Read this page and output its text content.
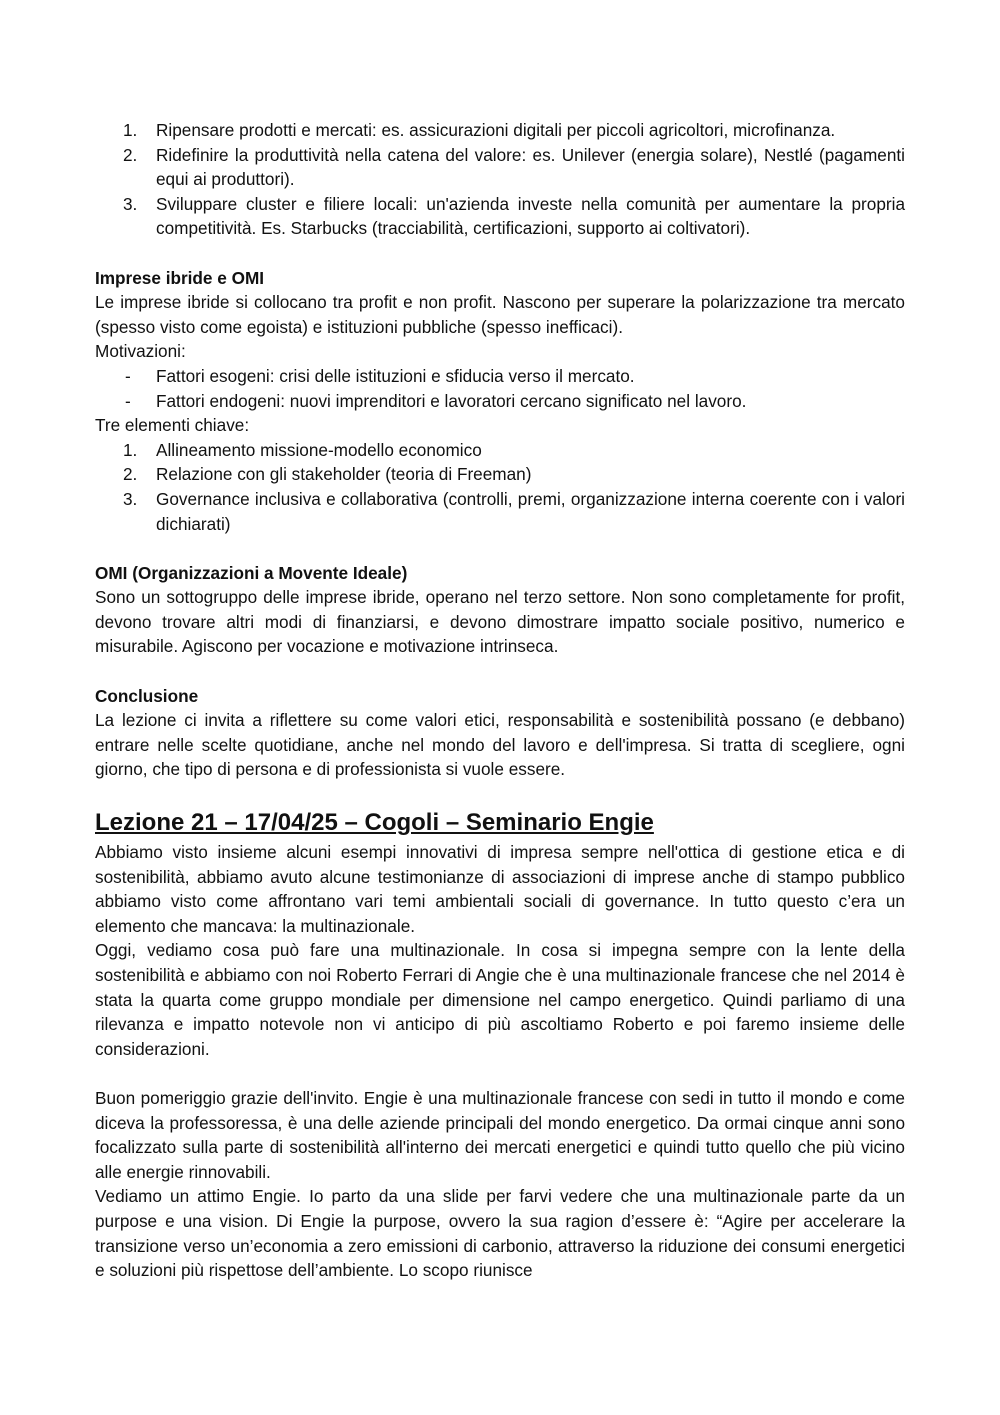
1. Ripensare prodotti e mercati: es. assicurazioni digitali per piccoli agricoltori, microfinanza.
2. Ridefinire la produttività nella catena del valore: es. Unilever (energia solare), Nestlé (pagamenti equi ai produttori).
3. Sviluppare cluster e filiere locali: un'azienda investe nella comunità per aumentare la propria competitività. Es. Starbucks (tracciabilità, certificazioni, supporto ai coltivatori).

Imprese ibride e OMI

Le imprese ibride si collocano tra profit e non profit. Nascono per superare la polarizzazione tra mercato (spesso visto come egoista) e istituzioni pubbliche (spesso inefficaci).

Motivazioni:

- Fattori esogeni: crisi delle istituzioni e sfiducia verso il mercato.
- Fattori endogeni: nuovi imprenditori e lavoratori cercano significato nel lavoro.

Tre elementi chiave:

1. Allineamento missione-modello economico
2. Relazione con gli stakeholder (teoria di Freeman)
3. Governance inclusiva e collaborativa (controlli, premi, organizzazione interna coerente con i valori dichiarati)

OMI (Organizzazioni a Movente Ideale)

Sono un sottogruppo delle imprese ibride, operano nel terzo settore. Non sono completamente for profit, devono trovare altri modi di finanziarsi, e devono dimostrare impatto sociale positivo, numerico e misurabile. Agiscono per vocazione e motivazione intrinseca.

Conclusione

La lezione ci invita a riflettere su come valori etici, responsabilità e sostenibilità possano (e debbano) entrare nelle scelte quotidiane, anche nel mondo del lavoro e dell'impresa. Si tratta di scegliere, ogni giorno, che tipo di persona e di professionista si vuole essere.

Lezione 21 – 17/04/25 – Cogoli – Seminario Engie

Abbiamo visto insieme alcuni esempi innovativi di impresa sempre nell'ottica di gestione etica e di sostenibilità, abbiamo avuto alcune testimonianze di associazioni di imprese anche di stampo pubblico abbiamo visto come affrontano vari temi ambientali sociali di governance. In tutto questo c’era un elemento che mancava: la multinazionale.

Oggi, vediamo cosa può fare una multinazionale. In cosa si impegna sempre con la lente della sostenibilità e abbiamo con noi Roberto Ferrari di Angie che è una multinazionale francese che nel 2014 è stata la quarta come gruppo mondiale per dimensione nel campo energetico. Quindi parliamo di una rilevanza e impatto notevole non vi anticipo di più ascoltiamo Roberto e poi faremo insieme delle considerazioni.

Buon pomeriggio grazie dell'invito. Engie è una multinazionale francese con sedi in tutto il mondo e come diceva la professoressa, è una delle aziende principali del mondo energetico. Da ormai cinque anni sono focalizzato sulla parte di sostenibilità all'interno dei mercati energetici e quindi tutto quello che più vicino alle energie rinnovabili.

Vediamo un attimo Engie. Io parto da una slide per farvi vedere che una multinazionale parte da un purpose e una vision. Di Engie la purpose, ovvero la sua ragion d’essere è: “Agire per accelerare la transizione verso un’economia a zero emissioni di carbonio, attraverso la riduzione dei consumi energetici e soluzioni più rispettose dell’ambiente. Lo scopo riunisce
